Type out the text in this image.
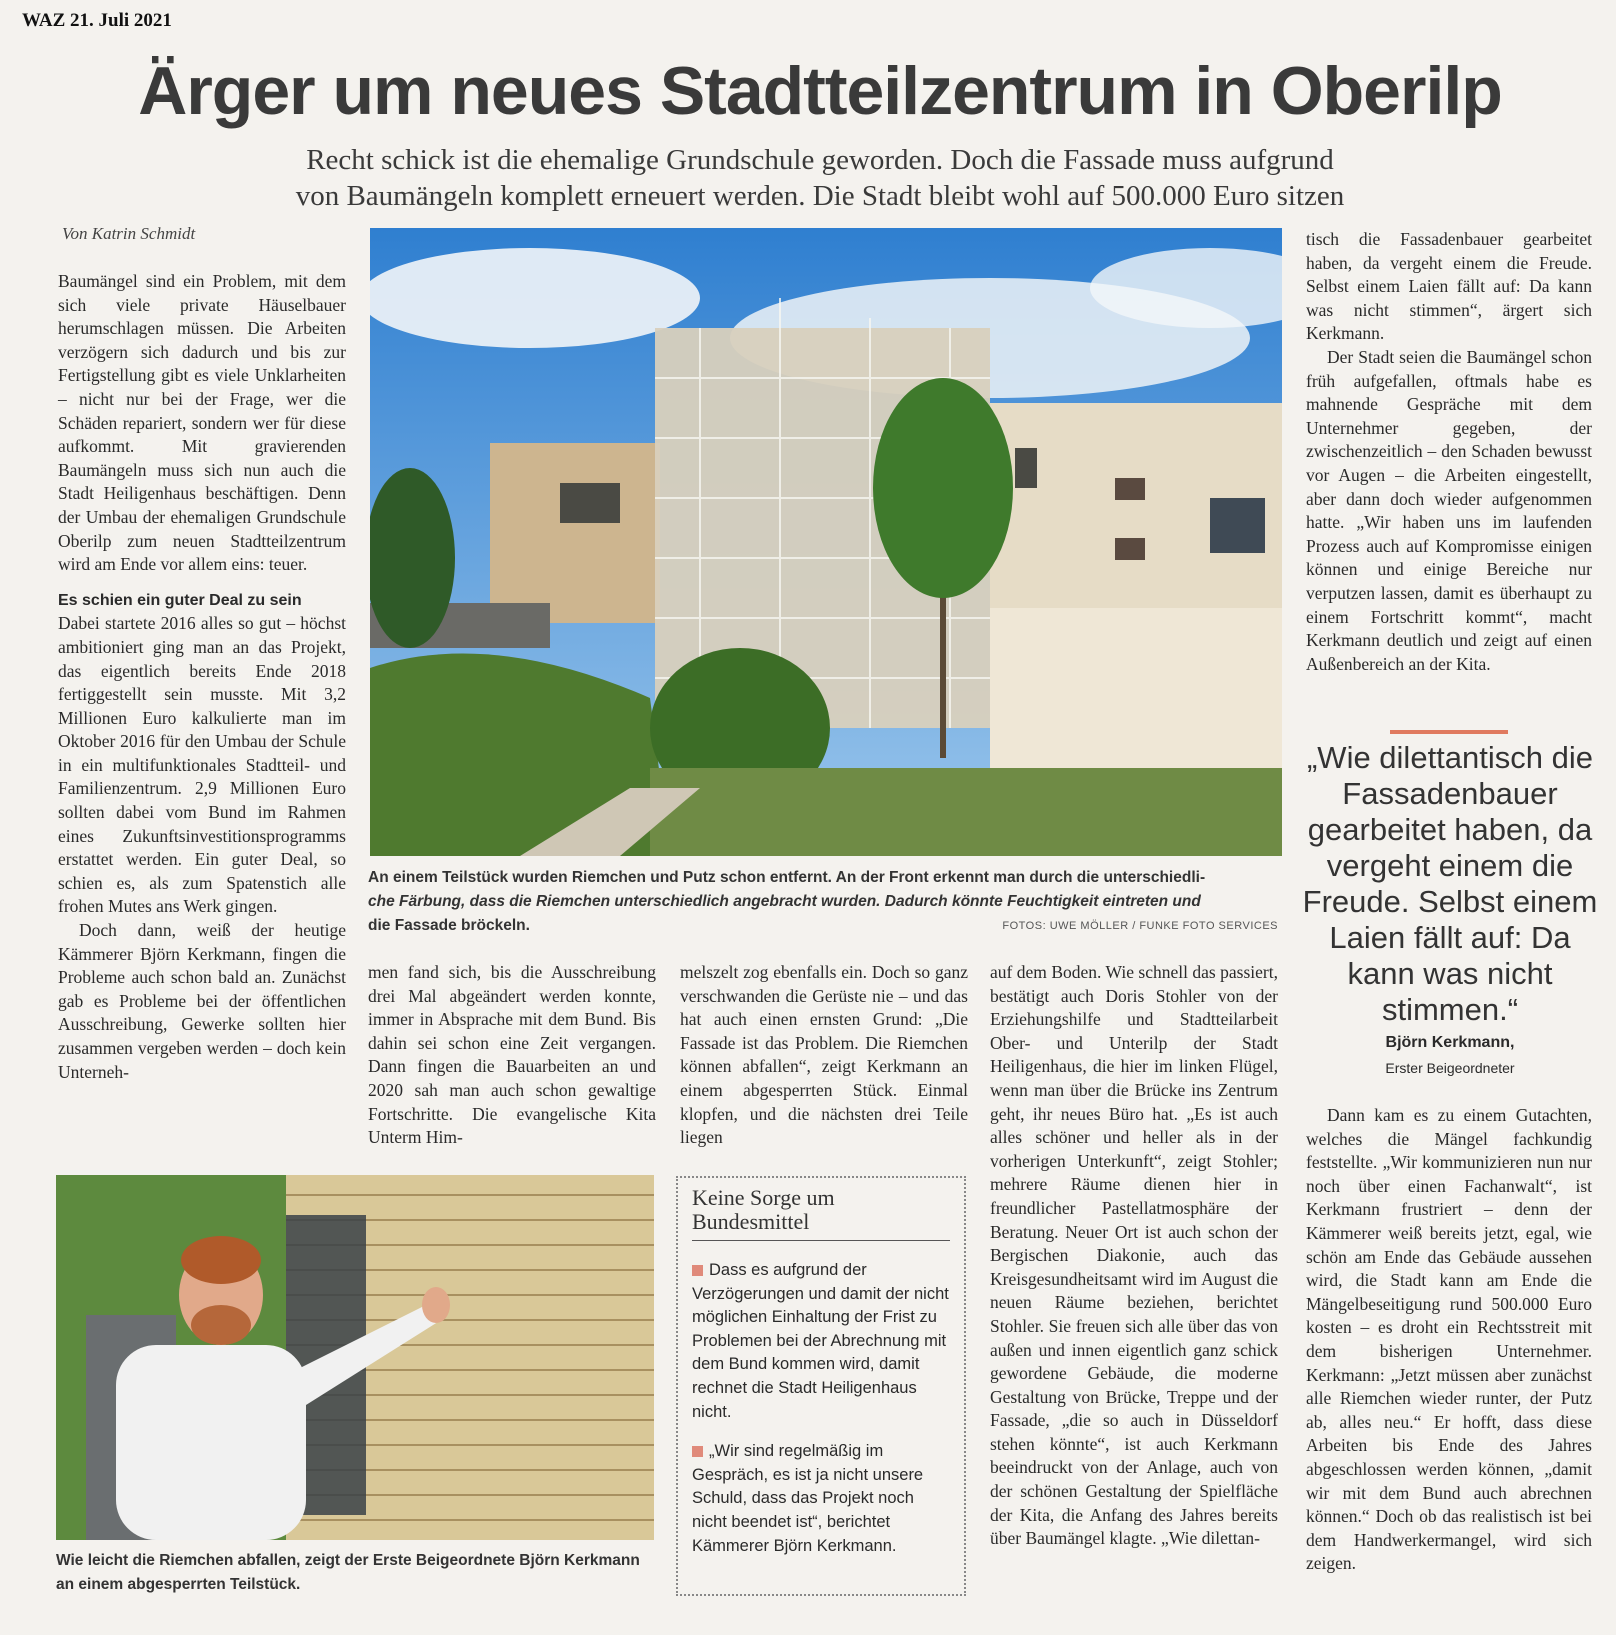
WAZ 21. Juli 2021
Ärger um neues Stadtteilzentrum in Oberilp
Recht schick ist die ehemalige Grundschule geworden. Doch die Fassade muss aufgrund
von Baumängeln komplett erneuert werden. Die Stadt bleibt wohl auf 500.000 Euro sitzen
Von Katrin Schmidt

Baumängel sind ein Problem, mit dem sich viele private Häuselbauer herumschlagen müssen. Die Arbeiten verzögern sich dadurch und bis zur Fertigstellung gibt es viele Unklarheiten – nicht nur bei der Frage, wer die Schäden repariert, sondern wer für diese aufkommt. Mit gravierenden Baumängeln muss sich nun auch die Stadt Heiligenhaus beschäftigen. Denn der Umbau der ehemaligen Grundschule Oberilp zum neuen Stadtteilzentrum wird am Ende vor allem eins: teuer.

Es schien ein guter Deal zu sein

Dabei startete 2016 alles so gut – höchst ambitioniert ging man an das Projekt, das eigentlich bereits Ende 2018 fertiggestellt sein musste. Mit 3,2 Millionen Euro kalkulierte man im Oktober 2016 für den Umbau der Schule in ein multifunktionales Stadtteil- und Familienzentrum. 2,9 Millionen Euro sollten dabei vom Bund im Rahmen eines Zukunftsinvestitionsprogramms erstattet werden. Ein guter Deal, so schien es, als zum Spatenstich alle frohen Mutes ans Werk gingen.

Doch dann, weiß der heutige Kämmerer Björn Kerkmann, fingen die Probleme auch schon bald an. Zunächst gab es Probleme bei der öffentlichen Ausschreibung, Gewerke sollten hier zusammen vergeben werden – doch kein Unterneh-

An einem Teilstück wurden Riemchen und Putz schon entfernt. An der Front erkennt man durch die unterschiedli-
che Färbung, dass die Riemchen unterschiedlich angebracht wurden. Dadurch könnte Feuchtigkeit eintreten und
die Fassade bröckeln.	FOTOS: UWE MÖLLER / FUNKE FOTO SERVICES

men fand sich, bis die Ausschreibung drei Mal abgeändert werden konnte, immer in Absprache mit dem Bund. Bis dahin sei schon eine Zeit vergangen. Dann fingen die Bauarbeiten an und 2020 sah man auch schon gewaltige Fortschritte. Die evangelische Kita Unterm Him-

melszelt zog ebenfalls ein. Doch so ganz verschwanden die Gerüste nie – und das hat auch einen ernsten Grund: „Die Fassade ist das Problem. Die Riemchen können abfallen“, zeigt Kerkmann an einem abgesperrten Stück. Einmal klopfen, und die nächsten drei Teile liegen

auf dem Boden. Wie schnell das passiert, bestätigt auch Doris Stohler von der Erziehungshilfe und Stadtteilarbeit Ober- und Unterilp der Stadt Heiligenhaus, die hier im linken Flügel, wenn man über die Brücke ins Zentrum geht, ihr neues Büro hat. „Es ist auch alles schöner und heller als in der vorherigen Unterkunft“, zeigt Stohler; mehrere Räume dienen hier in freundlicher Pastellatmosphäre der Beratung. Neuer Ort ist auch schon der Bergischen Diakonie, auch das Kreisgesundheitsamt wird im August die neuen Räume beziehen, berichtet Stohler. Sie freuen sich alle über das von außen und innen eigentlich ganz schick gewordene Gebäude, die moderne Gestaltung von Brücke, Treppe und der Fassade, „die so auch in Düsseldorf stehen könnte“, ist auch Kerkmann beeindruckt von der Anlage, auch von der schönen Gestaltung der Spielfläche der Kita, die Anfang des Jahres bereits über Baumängel klagte. „Wie dilettan-

tisch die Fassadenbauer gearbeitet haben, da vergeht einem die Freude. Selbst einem Laien fällt auf: Da kann was nicht stimmen“, ärgert sich Kerkmann.

Der Stadt seien die Baumängel schon früh aufgefallen, oftmals habe es mahnende Gespräche mit dem Unternehmer gegeben, der zwischenzeitlich – den Schaden bewusst vor Augen – die Arbeiten eingestellt, aber dann doch wieder aufgenommen hatte. „Wir haben uns im laufenden Prozess auch auf Kompromisse einigen können und einige Bereiche nur verputzen lassen, damit es überhaupt zu einem Fortschritt kommt“, macht Kerkmann deutlich und zeigt auf einen Außenbereich an der Kita.

„Wie dilettantisch die Fassadenbauer gearbeitet haben, da vergeht einem die Freude. Selbst einem Laien fällt auf: Da kann was nicht stimmen.“
Björn Kerkmann,
Erster Beigeordneter

Dann kam es zu einem Gutachten, welches die Mängel fachkundig feststellte. „Wir kommunizieren nun nur noch über einen Fachanwalt“, ist Kerkmann frustriert – denn der Kämmerer weiß bereits jetzt, egal, wie schön am Ende das Gebäude aussehen wird, die Stadt kann am Ende die Mängelbeseitigung rund 500.000 Euro kosten – es droht ein Rechtsstreit mit dem bisherigen Unternehmer. Kerkmann: „Jetzt müssen aber zunächst alle Riemchen wieder runter, der Putz ab, alles neu.“ Er hofft, dass diese Arbeiten bis Ende des Jahres abgeschlossen werden können, „damit wir mit dem Bund auch abrechnen können.“ Doch ob das realistisch ist bei dem Handwerkermangel, wird sich zeigen.

Wie leicht die Riemchen abfallen, zeigt der Erste Beigeordnete Björn Kerkmann an einem abgesperrten Teilstück.
Keine Sorge um Bundesmittel
Dass es aufgrund der Verzögerungen und damit der nicht möglichen Einhaltung der Frist zu Problemen bei der Abrechnung mit dem Bund kommen wird, damit rechnet die Stadt Heiligenhaus nicht.
„Wir sind regelmäßig im Gespräch, es ist ja nicht unsere Schuld, dass das Projekt noch nicht beendet ist“, berichtet Kämmerer Björn Kerkmann.
